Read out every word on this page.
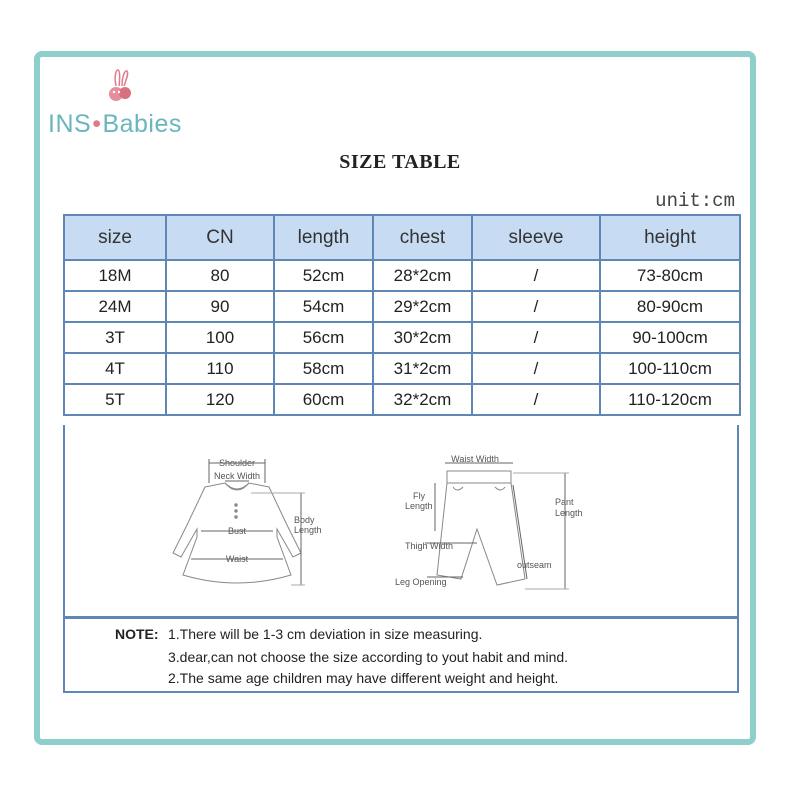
INS•Babies
SIZE TABLE
unit:cm
size	CN	length	chest	sleeve	height
18M	80	52cm	28*2cm	/	73-80cm
24M	90	54cm	29*2cm	/	80-90cm
3T	100	56cm	30*2cm	/	90-100cm
4T	110	58cm	31*2cm	/	100-110cm
5T	120	60cm	32*2cm	/	110-120cm
Shoulder
Neck Width
Body
Length
Bust
Waist
Waist Width
Fly
Length	Pant
Length
Thigh Width
outseam
Leg Opening
NOTE: 1.There will be 1-3 cm deviation in size measuring.
3.dear,can not choose the size according to yout habit and mind.
2.The same age children may have different weight and height.
